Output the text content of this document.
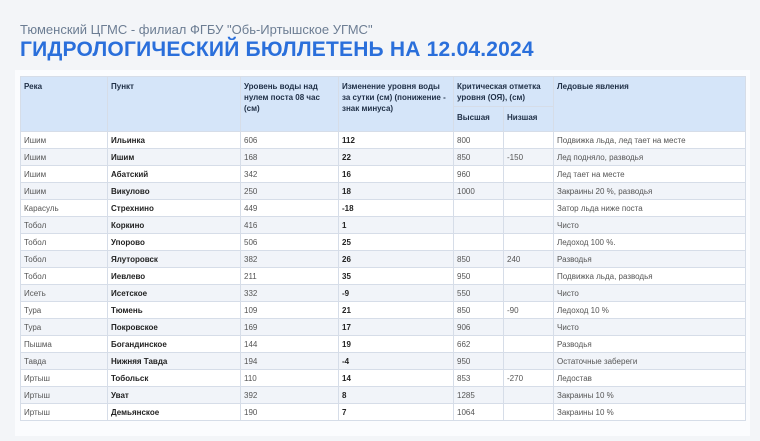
Тюменский ЦГМС - филиал ФГБУ "Обь-Иртышское УГМС"
ГИДРОЛОГИЧЕСКИЙ БЮЛЛЕТЕНЬ НА 12.04.2024
Река	Пункт	Уровень воды над нулем поста 08 час (см)	Изменение уровня воды за сутки (см) (понижение - знак минуса)	Критическая отметка уровня (ОЯ), (см)		Ледовые явления
				Высшая	Низшая	
Ишим	Ильинка	606	112	800		Подвижка льда, лед тает на месте
Ишим	Ишим	168	22	850	-150	Лед подняло, разводья
Ишим	Абатский	342	16	960		Лед тает на месте
Ишим	Викулово	250	18	1000		Закраины 20 %, разводья
Карасуль	Стрехнино	449	-18			Затор льда ниже поста
Тобол	Коркино	416	1			Чисто
Тобол	Упорово	506	25			Ледоход 100 %.
Тобол	Ялуторовск	382	26	850	240	Разводья
Тобол	Иевлево	211	35	950		Подвижка льда, разводья
Исеть	Исетское	332	-9	550		Чисто
Тура	Тюмень	109	21	850	-90	Ледоход 10 %
Тура	Покровское	169	17	906		Чисто
Пышма	Богандинское	144	19	662		Разводья
Тавда	Нижняя Тавда	194	-4	950		Остаточные забереги
Иртыш	Тобольск	110	14	853	-270	Ледостав
Иртыш	Уват	392	8	1285		Закраины 10 %
Иртыш	Демьянское	190	7	1064		Закраины 10 %
